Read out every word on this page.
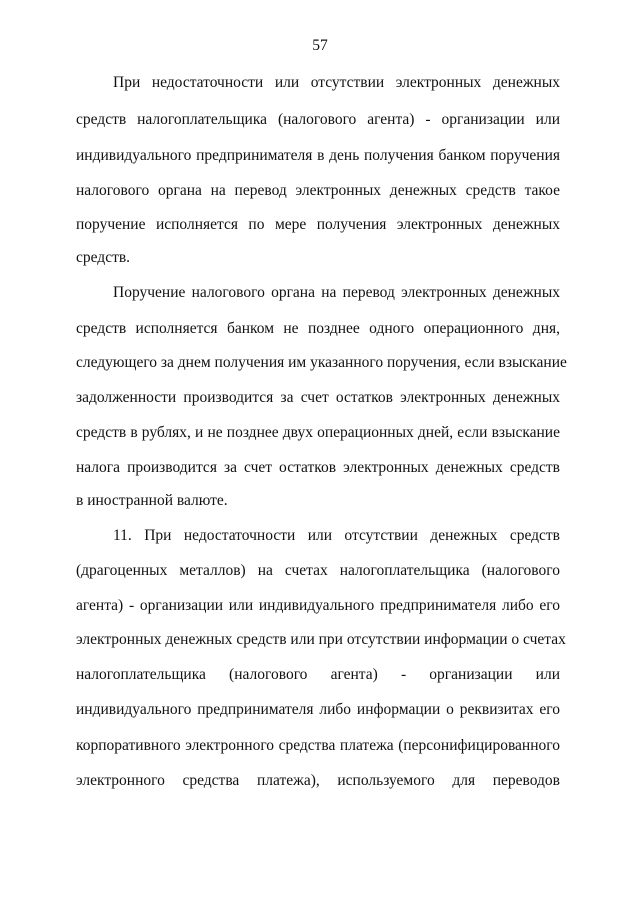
57
При недостаточности или отсутствии электронных денежных
средств налогоплательщика (налогового агента) - организации или
индивидуального предпринимателя в день получения банком поручения
налогового органа на перевод электронных денежных средств такое
поручение исполняется по мере получения электронных денежных
средств.
Поручение налогового органа на перевод электронных денежных
средств исполняется банком не позднее одного операционного дня,
следующего за днем получения им указанного поручения, если взыскание
задолженности производится за счет остатков электронных денежных
средств в рублях, и не позднее двух операционных дней, если взыскание
налога производится за счет остатков электронных денежных средств
в иностранной валюте.
11. При недостаточности или отсутствии денежных средств
(драгоценных металлов) на счетах налогоплательщика (налогового
агента) - организации или индивидуального предпринимателя либо его
электронных денежных средств или при отсутствии информации о счетах
налогоплательщика (налогового агента) - организации или
индивидуального предпринимателя либо информации о реквизитах его
корпоративного электронного средства платежа (персонифицированного
электронного средства платежа), используемого для переводов
